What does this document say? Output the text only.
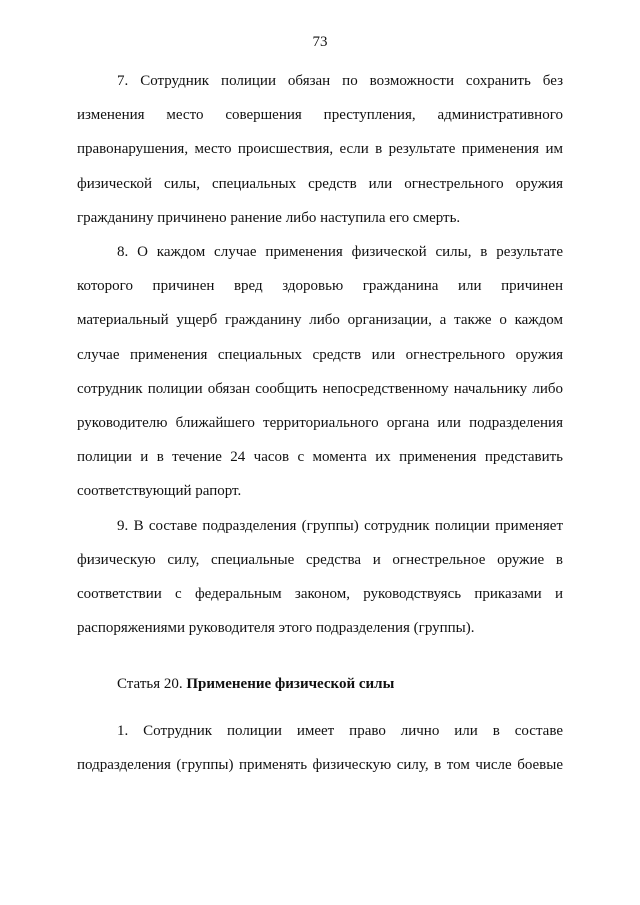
73

7. Сотрудник полиции обязан по возможности сохранить без изменения место совершения преступления, административного правонарушения, место происшествия, если в результате применения им физической силы, специальных средств или огнестрельного оружия гражданину причинено ранение либо наступила его смерть.

8. О каждом случае применения физической силы, в результате которого причинен вред здоровью гражданина или причинен материальный ущерб гражданину либо организации, а также о каждом случае применения специальных средств или огнестрельного оружия сотрудник полиции обязан сообщить непосредственному начальнику либо руководителю ближайшего территориального органа или подразделения полиции и в течение 24 часов с момента их применения представить соответствующий рапорт.

9. В составе подразделения (группы) сотрудник полиции применяет физическую силу, специальные средства и огнестрельное оружие в соответствии с федеральным законом, руководствуясь приказами и распоряжениями руководителя этого подразделения (группы).

Статья 20. Применение физической силы

1. Сотрудник полиции имеет право лично или в составе подразделения (группы) применять физическую силу, в том числе боевые
